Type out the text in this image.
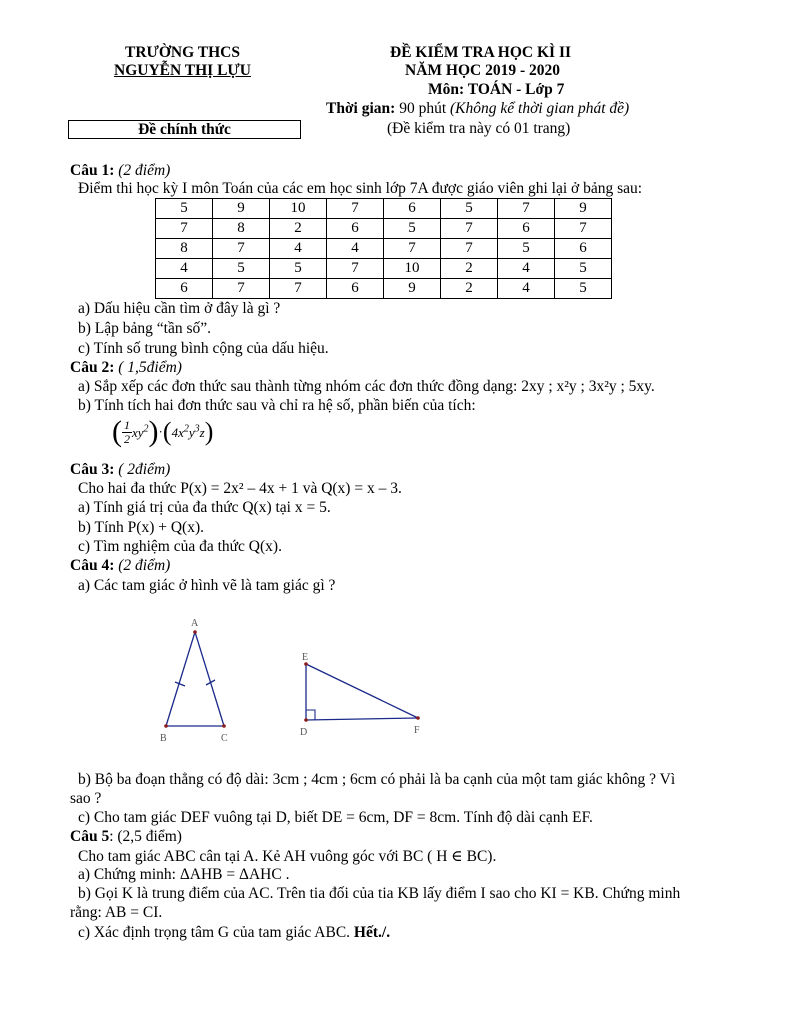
TRƯỜNG THCS
NGUYỄN THỊ LỰU
ĐỀ KIỂM TRA HỌC KÌ II
NĂM HỌC 2019 - 2020
Môn: TOÁN - Lớp 7
Thời gian: 90 phút (Không kể thời gian phát đề)
Đề chính thức	(Đề kiểm tra này có 01 trang)
Câu 1: (2 điểm)
Điểm thi học kỳ I môn Toán của các em học sinh lớp 7A được giáo viên ghi lại ở bảng sau:
5	9	10	7	6	5	7	9
7	8	2	6	5	7	6	7
8	7	4	4	7	7	5	6
4	5	5	7	10	2	4	5
6	7	7	6	9	2	4	5
a) Dấu hiệu cần tìm ở đây là gì ?
b) Lập bảng “tần số”.
c) Tính số trung bình cộng của dấu hiệu.
Câu 2: ( 1,5điểm)
a) Sắp xếp các đơn thức sau thành từng nhóm các đơn thức đồng dạng: 2xy ; x²y ; 3x²y ; 5xy.
b) Tính tích hai đơn thức sau và chỉ ra hệ số, phần biến của tích:
( $\frac{1}{2} xy^2)\cdot(4x^2y^3z)$
Câu 3: ( 2điểm)
Cho hai đa thức P(x) = 2x² – 4x + 1 và Q(x) = x – 3.
a) Tính giá trị của đa thức Q(x) tại x = 5.
b) Tính P(x) + Q(x).
c) Tìm nghiệm của đa thức Q(x).
Câu 4: (2 điểm)
a) Các tam giác ở hình vẽ là tam giác gì ?
A
B	C
E
D	F
b) Bộ ba đoạn thẳng có độ dài: 3cm ; 4cm ; 6cm có phải là ba cạnh của một tam giác không ? Vì
sao ?
c) Cho tam giác DEF vuông tại D, biết DE = 6cm, DF = 8cm. Tính độ dài cạnh EF.
Câu 5: (2,5 điểm)
Cho tam giác ABC cân tại A. Kẻ AH vuông góc với BC ( H ∈ BC).
a) Chứng minh: ΔAHB = ΔAHC .
b) Gọi K là trung điểm của AC. Trên tia đối của tia KB lấy điểm I sao cho KI = KB. Chứng minh
rằng: AB = CI.
c) Xác định trọng tâm G của tam giác ABC. Hết./.
